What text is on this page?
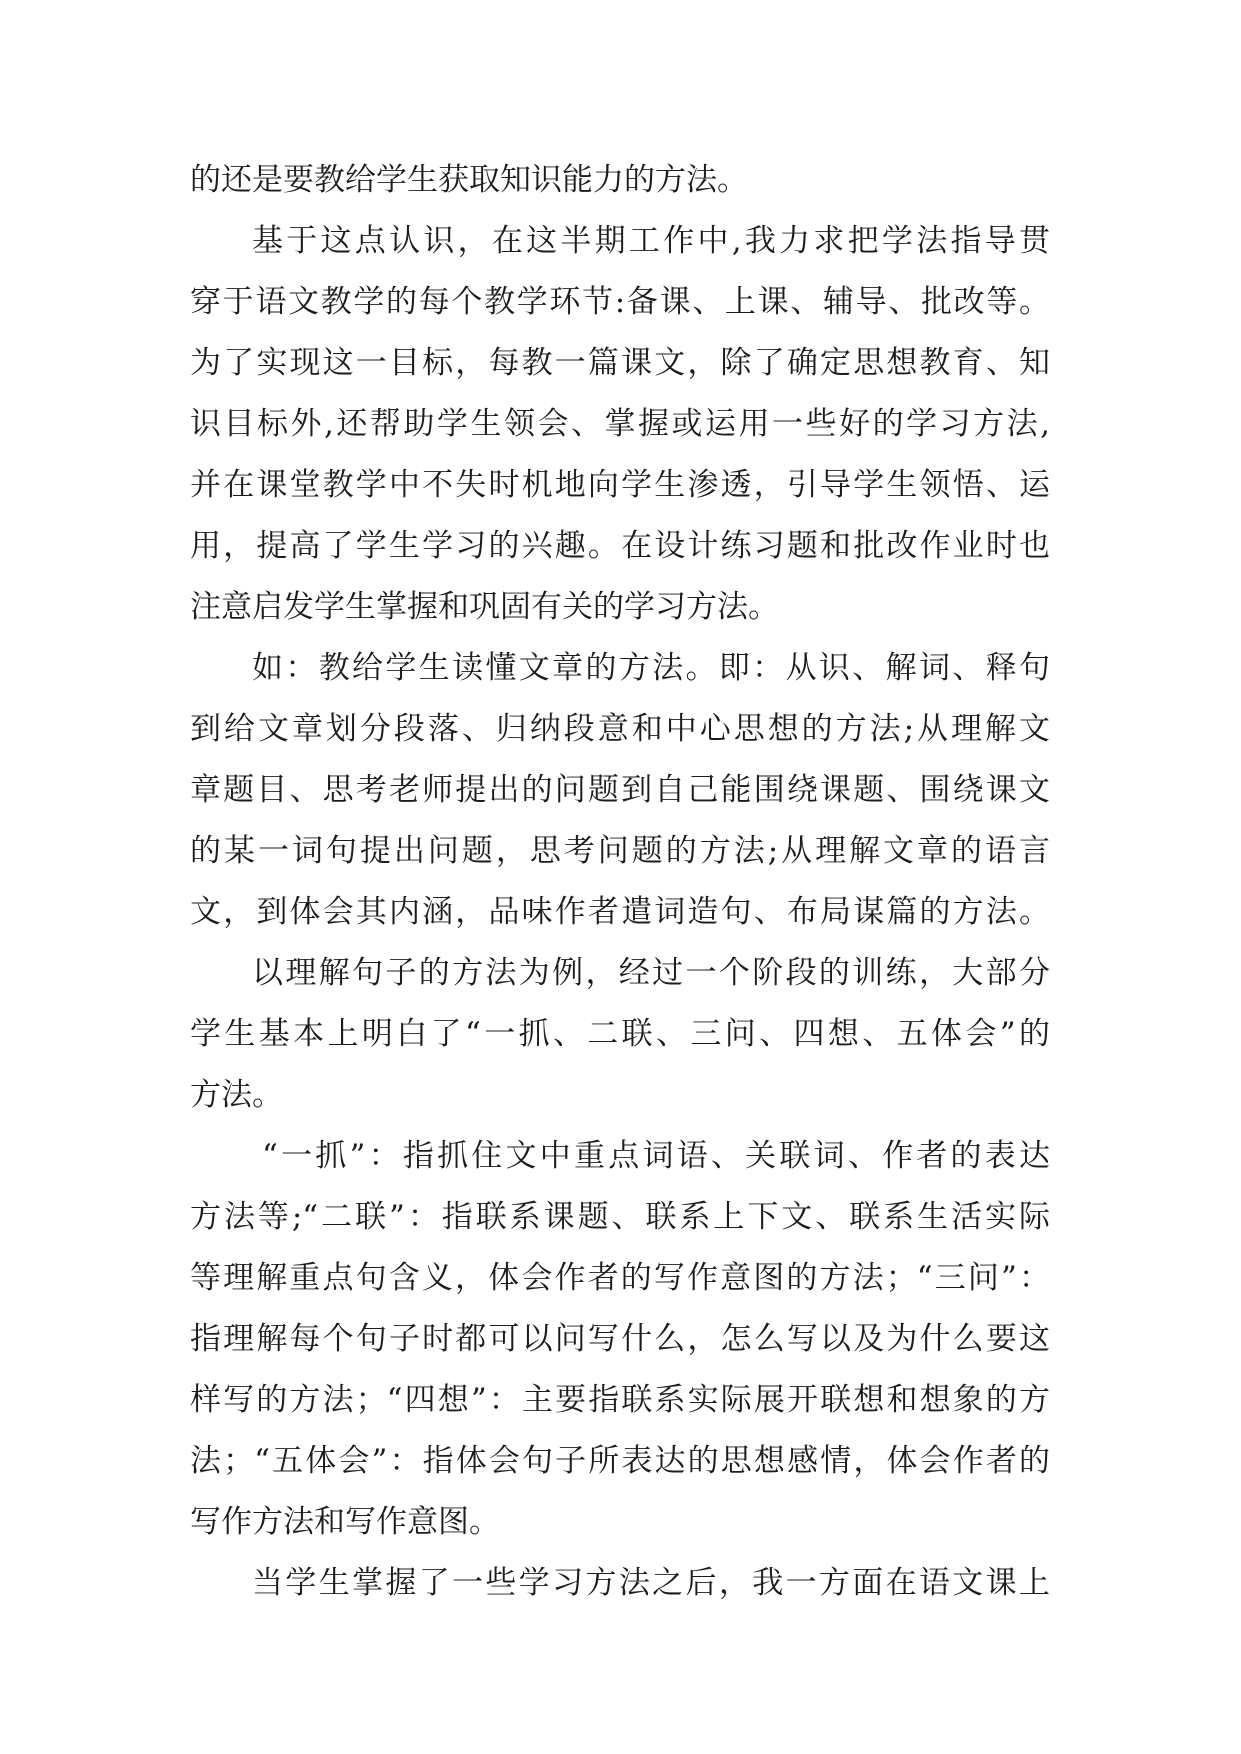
的还是要教给学生获取知识能力的方法。
基于这点认识，在这半期工作中,我力求把学法指导贯
穿于语文教学的每个教学环节:备课、上课、辅导、批改等。
为了实现这一目标，每教一篇课文，除了确定思想教育、知
识目标外,还帮助学生领会、掌握或运用一些好的学习方法,
并在课堂教学中不失时机地向学生渗透，引导学生领悟、运
用，提高了学生学习的兴趣。在设计练习题和批改作业时也
注意启发学生掌握和巩固有关的学习方法。
如：教给学生读懂文章的方法。即：从识、解词、释句
到给文章划分段落、归纳段意和中心思想的方法;从理解文
章题目、思考老师提出的问题到自己能围绕课题、围绕课文
的某一词句提出问题，思考问题的方法;从理解文章的语言
文，到体会其内涵，品味作者遣词造句、布局谋篇的方法。
以理解句子的方法为例，经过一个阶段的训练，大部分
学生基本上明白了“一抓、二联、三问、四想、五体会”的
方法。
“一抓”：指抓住文中重点词语、关联词、作者的表达
方法等;“二联”：指联系课题、联系上下文、联系生活实际
等理解重点句含义，体会作者的写作意图的方法；“三问”：
指理解每个句子时都可以问写什么，怎么写以及为什么要这
样写的方法；“四想”：主要指联系实际展开联想和想象的方
法；“五体会”：指体会句子所表达的思想感情，体会作者的
写作方法和写作意图。
当学生掌握了一些学习方法之后，我一方面在语文课上
